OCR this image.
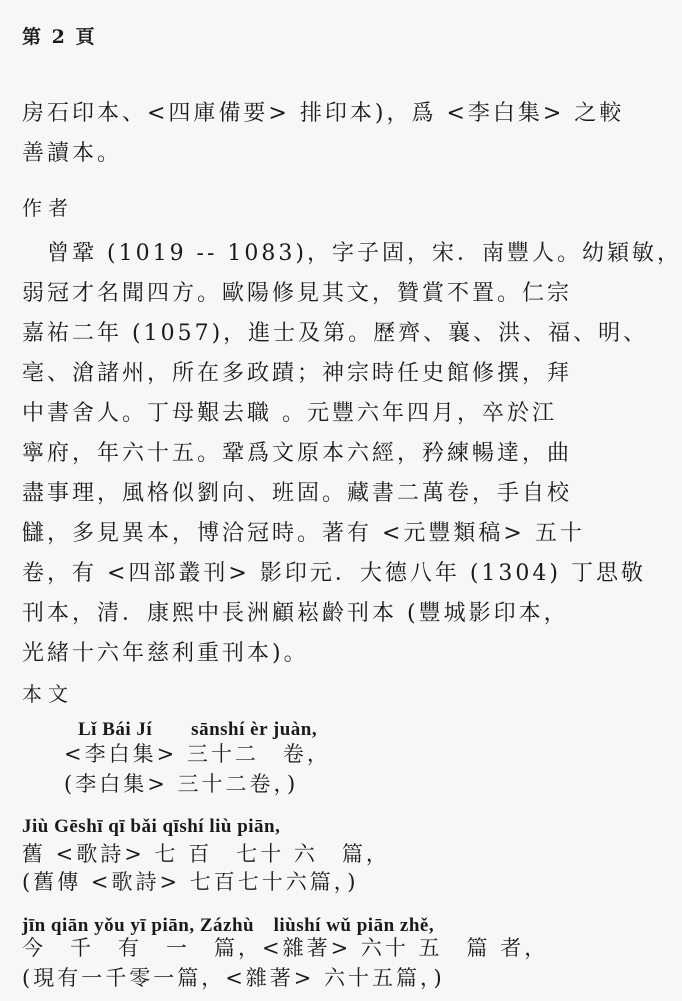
第 2 頁
房石印本、<四庫備要> 排印本)，爲 <李白集> 之較
善讀本。
作者
　曾鞏 (1019 -- 1083)，字子固，宋．南豐人。幼穎敏，
弱冠才名聞四方。歐陽修見其文，贊賞不置。仁宗
嘉祐二年 (1057)，進士及第。歷齊、襄、洪、福、明、
亳、滄諸州，所在多政蹟；神宗時任史館修撰，拜
中書舍人。丁母艱去職 。元豐六年四月，卒於江
寧府，年六十五。鞏爲文原本六經，矜練暢達，曲
盡事理，風格似劉向、班固。藏書二萬卷，手自校
讎，多見異本，博洽冠時。著有 <元豐類稿> 五十
卷，有 <四部叢刊> 影印元．大德八年 (1304) 丁思敬
刊本，清．康熙中長洲顧崧齡刊本 (豐城影印本，
光緒十六年慈利重刊本)。
本文
Lǐ Bái Jí　　sānshí èr juàn,
<李白集> 三十二　卷，
(李白集> 三十二卷，)
Jiù Gēshī qī bǎi qīshí liù piān,
舊 <歌詩> 七 百　七十 六　篇，
(舊傳 <歌詩> 七百七十六篇，)
jīn qiān yǒu yī piān, Zázhù　liùshí wǔ piān zhě,
今　千　有　一　篇，<雜著> 六十 五　篇 者，
(現有一千零一篇，<雜著> 六十五篇，)
